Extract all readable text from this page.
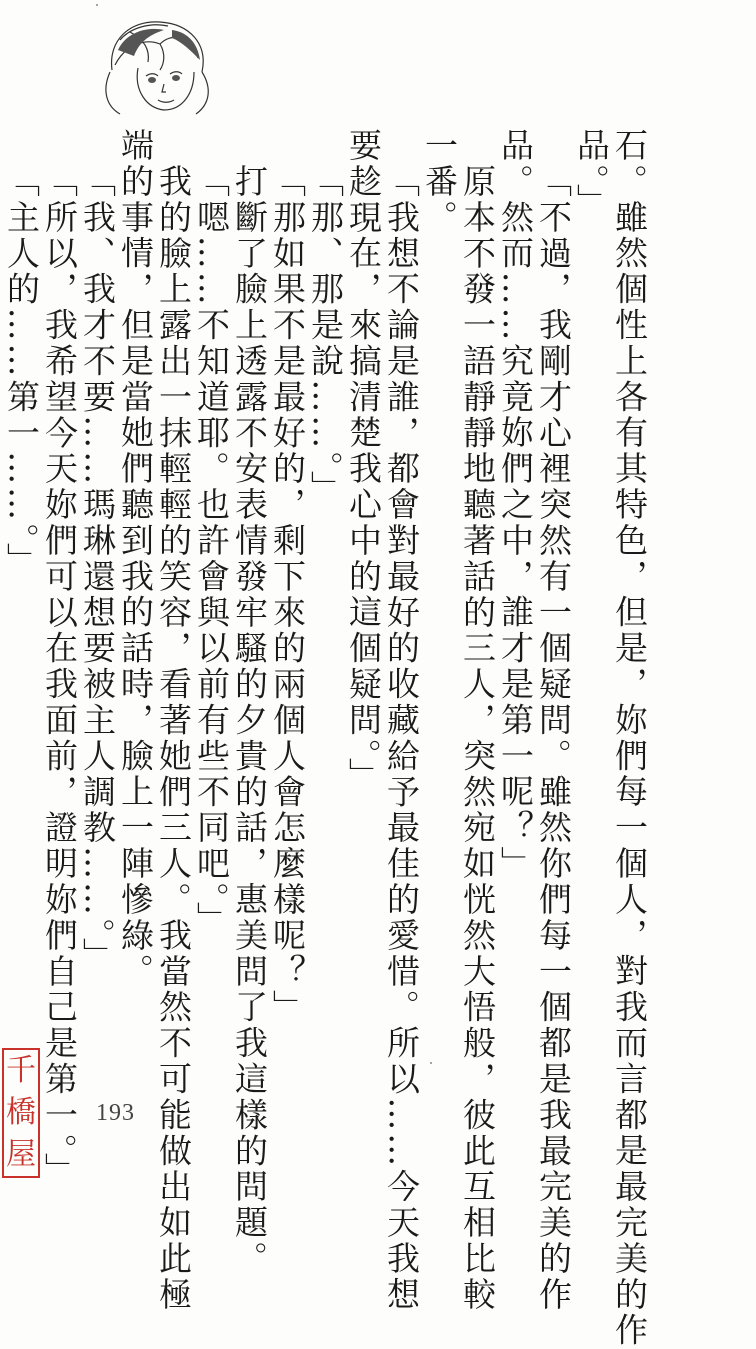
石。雖然個性上各有其特色，但是，妳們每一個人，對我而言都是最完美的作
品。」
「不過，我剛才心裡突然有一個疑問。雖然你們每一個都是我最完美的作
品。然而……究竟妳們之中，誰才是第一呢？」
原本不發一語靜靜地聽著話的三人，突然宛如恍然大悟般，彼此互相比較
一番。
「我想不論是誰，都會對最好的收藏給予最佳的愛惜。所以……今天我想
要趁現在，來搞清楚我心中的這個疑問。」
「那、那是說……。」
「那如果不是最好的，剩下來的兩個人會怎麼樣呢？」
打斷了臉上透露不安表情發牢騷的夕貴的話，惠美問了我這樣的問題。
「嗯……不知道耶。也許會與以前有些不同吧。」
我的臉上露出一抹輕輕的笑容，看著她們三人。我當然不可能做出如此極
端的事情，但是當她們聽到我的話時，臉上一陣慘綠。
「我、我才不要……瑪琳還想要被主人調教……。」
「所以，我希望今天妳們可以在我面前，證明妳們自己是第一。」
「主人的……第一……。」
193
千
橋
屋
